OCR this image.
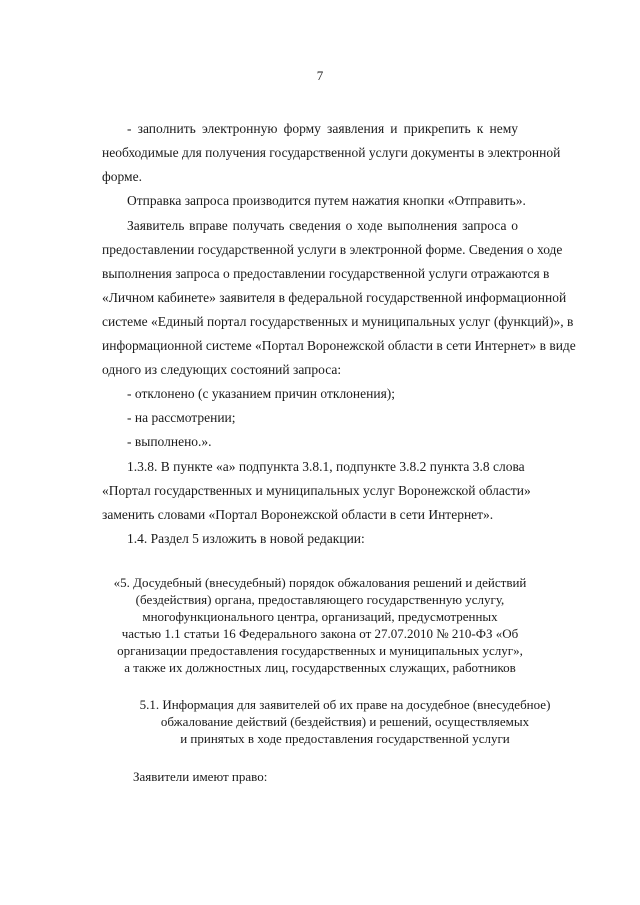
7
- заполнить электронную форму заявления и прикрепить к нему
необходимые для получения государственной услуги документы в электронной
форме.
Отправка запроса производится путем нажатия кнопки «Отправить».
Заявитель вправе получать сведения о ходе выполнения запроса о
предоставлении государственной услуги в электронной форме. Сведения о ходе
выполнения запроса о предоставлении государственной услуги отражаются в
«Личном кабинете» заявителя в федеральной государственной информационной
системе «Единый портал государственных и муниципальных услуг (функций)», в
информационной системе «Портал Воронежской области в сети Интернет» в виде
одного из следующих состояний запроса:
- отклонено (с указанием причин отклонения);
- на рассмотрении;
- выполнено.».
1.3.8. В пункте «а» подпункта 3.8.1, подпункте 3.8.2 пункта 3.8 слова
«Портал государственных и муниципальных услуг Воронежской области»
заменить словами «Портал Воронежской области в сети Интернет».
1.4. Раздел 5 изложить в новой редакции:
«5. Досудебный (внесудебный) порядок обжалования решений и действий
(бездействия) органа, предоставляющего государственную услугу,
многофункционального центра, организаций, предусмотренных
частью 1.1 статьи 16 Федерального закона от 27.07.2010 № 210-ФЗ «Об
организации предоставления государственных и муниципальных услуг»,
а также их должностных лиц, государственных служащих, работников
5.1. Информация для заявителей об их праве на досудебное (внесудебное)
обжалование действий (бездействия) и решений, осуществляемых
и принятых в ходе предоставления государственной услуги
Заявители имеют право:
